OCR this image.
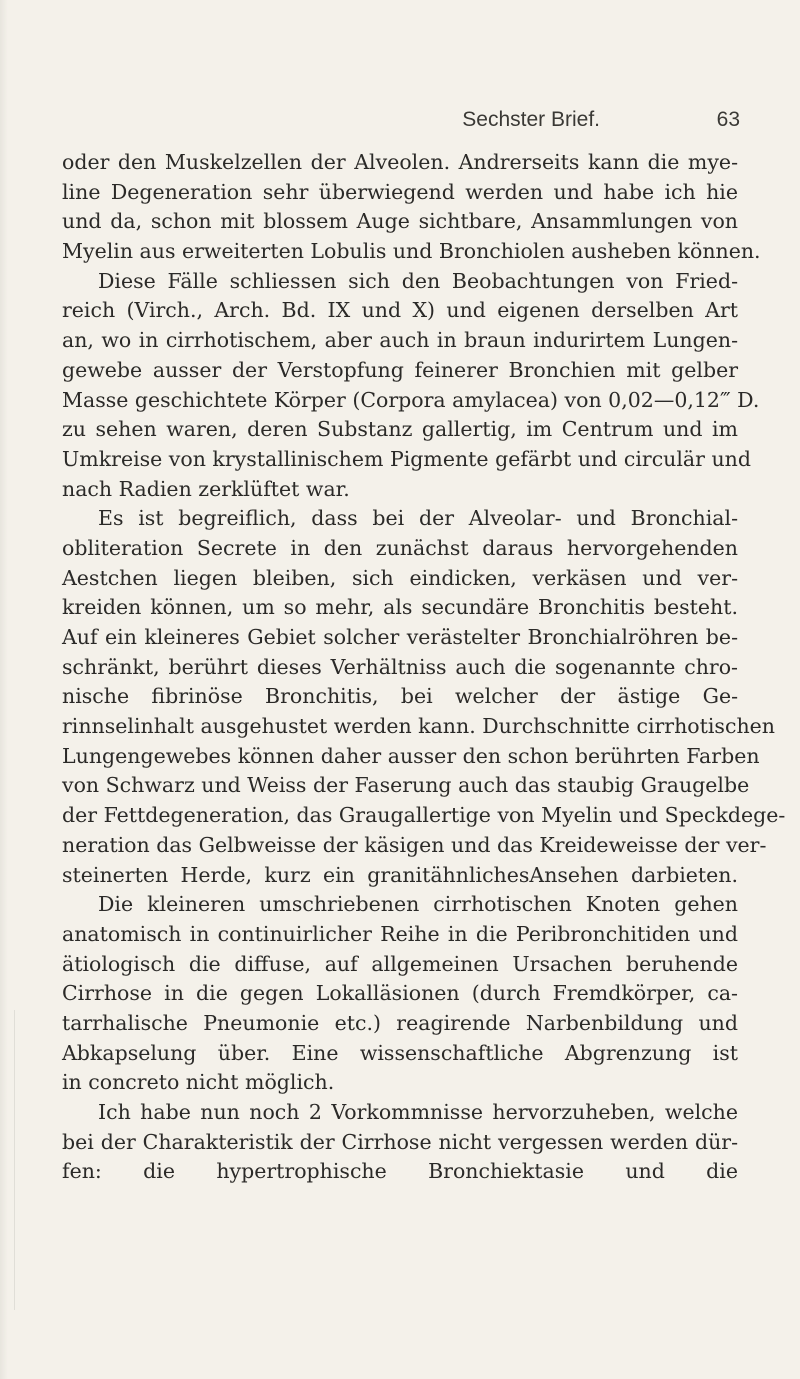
Sechster Brief.	63
oder den Muskelzellen der Alveolen. Andrerseits kann die mye-
line Degeneration sehr überwiegend werden und habe ich hie
und da, schon mit blossem Auge sichtbare, Ansammlungen von
Myelin aus erweiterten Lobulis und Bronchiolen ausheben können.
Diese Fälle schliessen sich den Beobachtungen von Fried-
reich (Virch., Arch. Bd. IX und X) und eigenen derselben Art
an, wo in cirrhotischem, aber auch in braun indurirtem Lungen-
gewebe ausser der Verstopfung feinerer Bronchien mit gelber
Masse geschichtete Körper (Corpora amylacea) von 0,02—0,12‴ D.
zu sehen waren, deren Substanz gallertig, im Centrum und im
Umkreise von krystallinischem Pigmente gefärbt und circulär und
nach Radien zerklüftet war.
Es ist begreiflich, dass bei der Alveolar- und Bronchial-
obliteration Secrete in den zunächst daraus hervorgehenden
Aestchen liegen bleiben, sich eindicken, verkäsen und ver-
kreiden können, um so mehr, als secundäre Bronchitis besteht.
Auf ein kleineres Gebiet solcher verästelter Bronchialröhren be-
schränkt, berührt dieses Verhältniss auch die sogenannte chro-
nische fibrinöse Bronchitis, bei welcher der ästige Ge-
rinnselinhalt ausgehustet werden kann. Durchschnitte cirrhotischen
Lungengewebes können daher ausser den schon berührten Farben
von Schwarz und Weiss der Faserung auch das staubig Graugelbe
der Fettdegeneration, das Graugallertige von Myelin und Speckdege-
neration das Gelbweisse der käsigen und das Kreideweisse der ver-
steinerten Herde, kurz ein granitähnlichesAnsehen darbieten.
Die kleineren umschriebenen cirrhotischen Knoten gehen
anatomisch in continuirlicher Reihe in die Peribronchitiden und
ätiologisch die diffuse, auf allgemeinen Ursachen beruhende
Cirrhose in die gegen Lokalläsionen (durch Fremdkörper, ca-
tarrhalische Pneumonie etc.) reagirende Narbenbildung und
Abkapselung über. Eine wissenschaftliche Abgrenzung ist
in concreto nicht möglich.
Ich habe nun noch 2 Vorkommnisse hervorzuheben, welche
bei der Charakteristik der Cirrhose nicht vergessen werden dür-
fen: die hypertrophische Bronchiektasie und die
